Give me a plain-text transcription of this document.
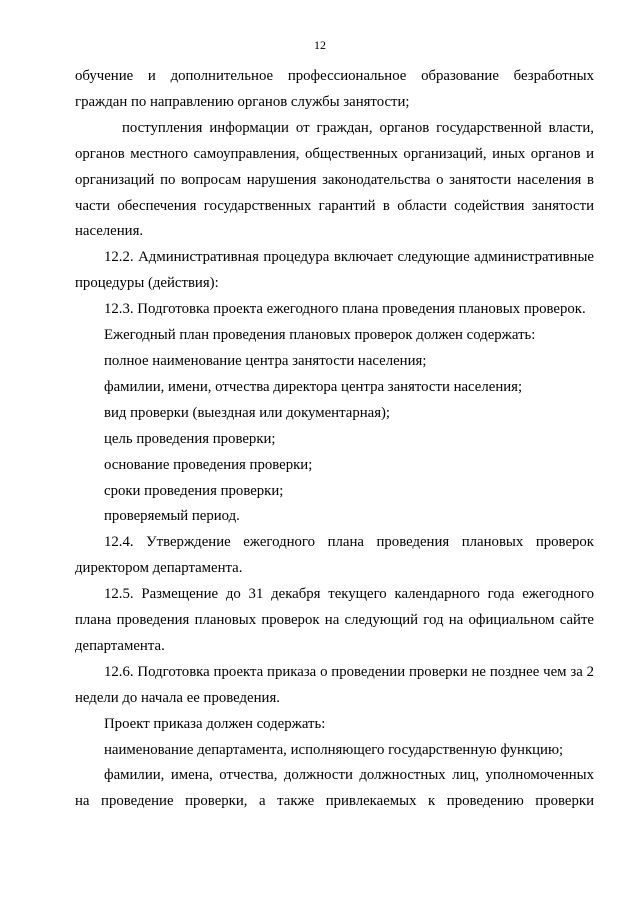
12

обучение и дополнительное профессиональное образование безработных граждан по направлению органов службы занятости;

поступления информации от граждан, органов государственной власти, органов местного самоуправления, общественных организаций, иных органов и организаций по вопросам нарушения законодательства о занятости населения в части обеспечения государственных гарантий в области содействия занятости населения.

12.2. Административная процедура включает следующие административные процедуры (действия):

12.3. Подготовка проекта ежегодного плана проведения плановых проверок.

Ежегодный план проведения плановых проверок должен содержать:

полное наименование центра занятости населения;

фамилии, имени, отчества директора центра занятости населения;

вид проверки (выездная или документарная);

цель проведения проверки;

основание проведения проверки;

сроки проведения проверки;

проверяемый период.

12.4. Утверждение ежегодного плана проведения плановых проверок директором департамента.

12.5. Размещение до 31 декабря текущего календарного года ежегодного плана проведения плановых проверок на следующий год на официальном сайте департамента.

12.6. Подготовка проекта приказа о проведении проверки не позднее чем за 2 недели до начала ее проведения.

Проект приказа должен содержать:

наименование департамента, исполняющего государственную функцию;

фамилии, имена, отчества, должности должностных лиц, уполномоченных на проведение проверки, а также привлекаемых к проведению проверки
